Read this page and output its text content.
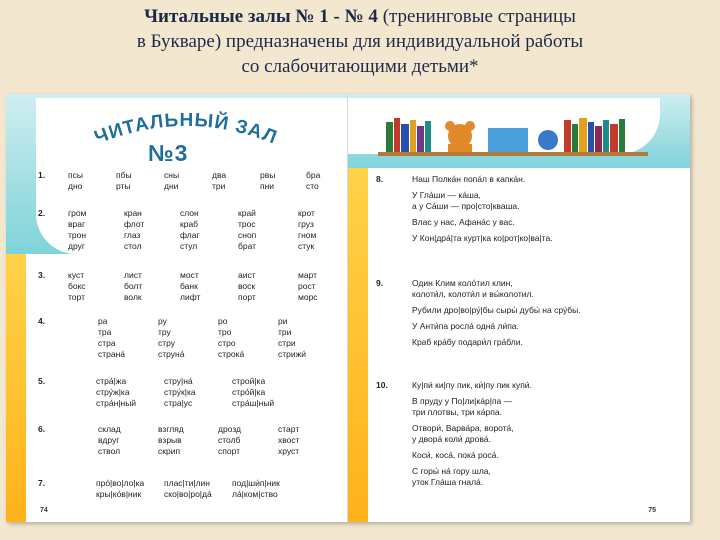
Читальные залы № 1 - № 4 (тренинговые страницы
в Букваре) предназначены для индивидуальной работы
со слабочитающими детьми*
ЧИТАЛЬНЫЙ ЗАЛ
№3
1.	псы	пбы	сны	два	рвы	бра
дно	рты	дни	три	пни	сто
2.	гром	кран	слон	край	крот
враг	флот	краб	трос	груз
трон	глаз	флаг	сноп	гном
друг	стол	стул	брат	стук
3.	куст	лист	мост	аист	март
бокс	болт	банк	воск	рост
торт	волк	лифт	порт	морс
4.	ра	ру	ро	ри
тра	тру	тро	три
стра	стру	стро	стри
страна́	струна́	строка́	стрижи́
5.	стра́|жа	стру|на́	строй|ка
стру́ж|ка	стру́к|ка	стро́й|ка
стра́н|ный	стра|ус	стра́ш|ный
6.	склад	взгляд	дрозд	старт
вдруг	взрыв	столб	хвост
ствол	скрип	спорт	хруст
7.	про́|во|ло|ка плас|ти|лин	под|ши́п|ник
кры|ко́в|ник	ско|во|ро|да́ ла́|ком|ство
74
8.	Наш Полка́н попа́л в капка́н.
У Гла́ши — ка́ша,
а у Са́ши — про|сто|кваша.
Влас у нас, Афана́с у вас.
У Кон|дра́|та курт|ка ко|рот|ко|ва|та.
9.	Один Клим коло́тил клин,
колоти́л, колоти́л и вы́колотил.
Рубили дро|во|ру́|бы сыры́ дубы́ на сру́бы.
У Анти́па росла́ одна́ ли́па.
Краб кра́бу подари́л гра́бли.
10.	Ку|пи́ ки|пу пик, ки́|пу пик купи́.
В пруду у По|ли|ка́р|па —
три плотвы, три ка́рпа.
Отвори́, Варва́ра, ворота́,
у двора́ коли́ дрова́.
Коси́, коса́, пока́ роса́.
С горы́ на́ гору шла,
уток Гла́ша гнала́.
75
